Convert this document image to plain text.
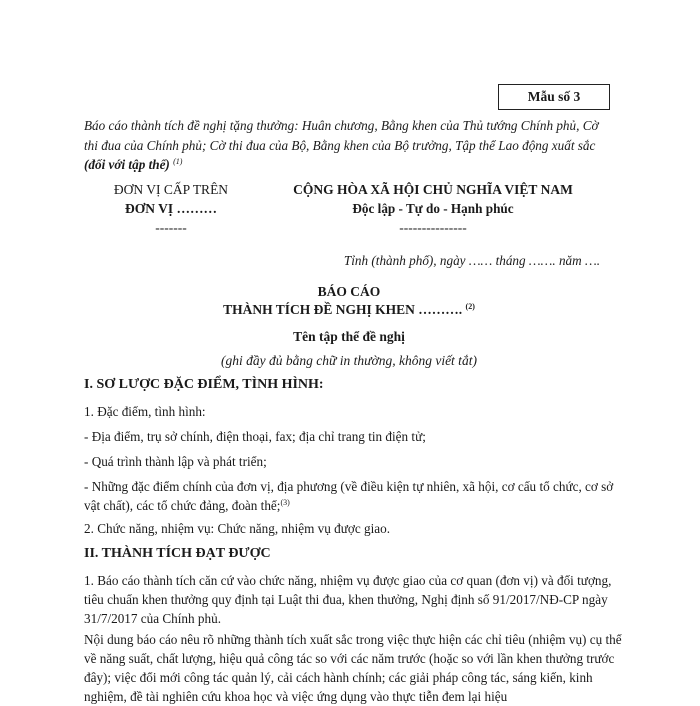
Mẫu số 3
Báo cáo thành tích đề nghị tặng thưởng: Huân chương, Bằng khen của Thủ tướng Chính phủ, Cờ thi đua của Chính phủ; Cờ thi đua của Bộ, Bằng khen của Bộ trưởng, Tập thể Lao động xuất sắc (đối với tập thể) $^{(1)}$
ĐƠN VỊ CẤP TRÊN
ĐƠN VỊ ………
-------
CỘNG HÒA XÃ HỘI CHỦ NGHĨA VIỆT NAM
Độc lập - Tự do - Hạnh phúc
---------------
Tỉnh (thành phố), ngày …… tháng ……. năm ….
BÁO CÁO
THÀNH TÍCH ĐỀ NGHỊ KHEN ………. $^{(2)}$
Tên tập thể đề nghị
(ghi đầy đủ bằng chữ in thường, không viết tắt)
I. SƠ LƯỢC ĐẶC ĐIỂM, TÌNH HÌNH:
1. Đặc điểm, tình hình:
- Địa điểm, trụ sở chính, điện thoại, fax; địa chỉ trang tin điện tử;
- Quá trình thành lập và phát triển;
- Những đặc điểm chính của đơn vị, địa phương (về điều kiện tự nhiên, xã hội, cơ cấu tổ chức, cơ sở vật chất), các tổ chức đảng, đoàn thể;$^{(3)}$
2. Chức năng, nhiệm vụ: Chức năng, nhiệm vụ được giao.
II. THÀNH TÍCH ĐẠT ĐƯỢC
1. Báo cáo thành tích căn cứ vào chức năng, nhiệm vụ được giao của cơ quan (đơn vị) và đối tượng, tiêu chuẩn khen thưởng quy định tại Luật thi đua, khen thưởng, Nghị định số 91/2017/NĐ-CP ngày 31/7/2017 của Chính phủ.
Nội dung báo cáo nêu rõ những thành tích xuất sắc trong việc thực hiện các chỉ tiêu (nhiệm vụ) cụ thể về năng suất, chất lượng, hiệu quả công tác so với các năm trước (hoặc so với lần khen thưởng trước đây); việc đổi mới công tác quản lý, cải cách hành chính; các giải pháp công tác, sáng kiến, kinh nghiệm, đề tài nghiên cứu khoa học và việc ứng dụng vào thực tiễn đem lại hiệu
